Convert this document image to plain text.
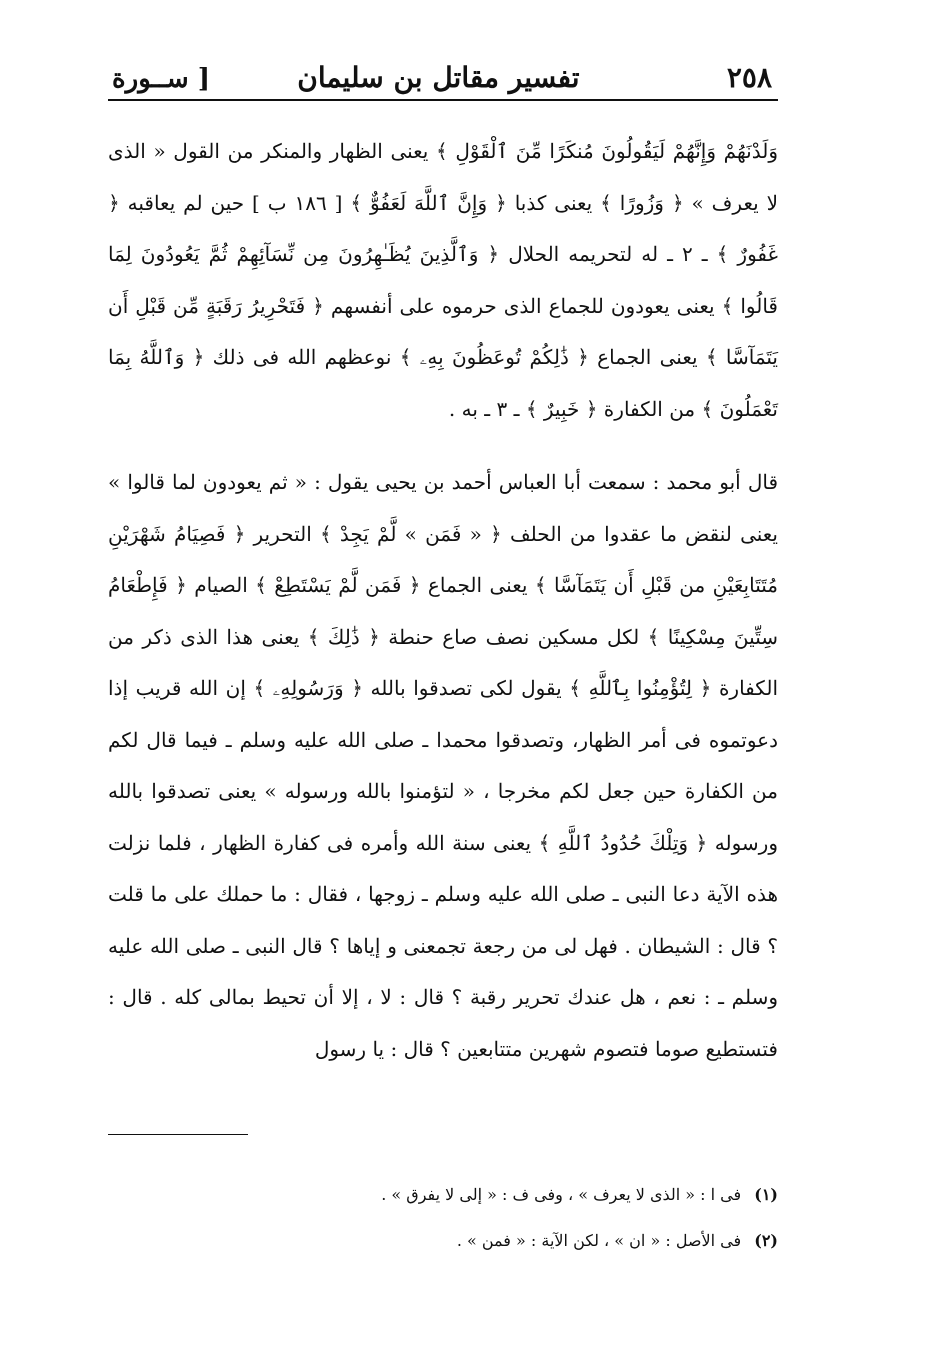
٢٥٨
تفسير مقاتل بن سليمان
[ ســورة

وَلَدْنَهُمْ وَإِنَّهُمْ لَيَقُولُونَ مُنكَرًا مِّنَ ٱلْقَوْلِ ﴾ يعنى الظهار والمنكر من القول « الذى لا يعرف » ﴿ وَزُورًا ﴾ يعنى كذبا ﴿ وَإِنَّ ٱللَّهَ لَعَفُوٌّ ﴾ [ ١٨٦ ب ] حين لم يعاقبه ﴿ غَفُورٌ ﴾ ـ ٢ ـ له لتحريمه الحلال ﴿ وَٱلَّذِينَ يُظَـٰهِرُونَ مِن نِّسَآئِهِمْ ثُمَّ يَعُودُونَ لِمَا قَالُوا ﴾ يعنى يعودون للجماع الذى حرموه على أنفسهم ﴿ فَتَحْرِيرُ رَقَبَةٍ مِّن قَبْلِ أَن يَتَمَآسَّا ﴾ يعنى الجماع ﴿ ذَٰلِكُمْ تُوعَظُونَ بِهِۦ ﴾ نوعظهم الله فى ذلك ﴿ وَٱللَّهُ بِمَا تَعْمَلُونَ ﴾ من الكفارة ﴿ خَبِيرٌ ﴾ ـ ٣ ـ به .

قال أبو محمد : سمعت أبا العباس أحمد بن يحيى يقول : « ثم يعودون لما قالوا » يعنى لنقض ما عقدوا من الحلف ﴿ « فَمَن » لَّمْ يَجِدْ ﴾ التحرير ﴿ فَصِيَامُ شَهْرَيْنِ مُتَتَابِعَيْنِ من قَبْلِ أَن يَتَمَآسَّا ﴾ يعنى الجماع ﴿ فَمَن لَّمْ يَسْتَطِعْ ﴾ الصيام ﴿ فَإِطْعَامُ سِتِّينَ مِسْكِينًا ﴾ لكل مسكين نصف صاع حنطة ﴿ ذَٰلِكَ ﴾ يعنى هذا الذى ذكر من الكفارة ﴿ لِتُؤْمِنُوا بِٱللَّهِ ﴾ يقول لكى تصدقوا بالله ﴿ وَرَسُولِهِۦ ﴾ إن الله قريب إذا دعوتموه فى أمر الظهار، وتصدقوا محمدا ـ صلى الله عليه وسلم ـ فيما قال لكم من الكفارة حين جعل لكم مخرجا ، « لتؤمنوا بالله ورسوله » يعنى تصدقوا بالله ورسوله ﴿ وَتِلْكَ حُدُودُ ٱللَّهِ ﴾ يعنى سنة الله وأمره فى كفارة الظهار ، فلما نزلت هذه الآية دعا النبى ـ صلى الله عليه وسلم ـ زوجها ، فقال : ما حملك على ما قلت ؟ قال : الشيطان . فهل لى من رجعة تجمعنى و إياها ؟ قال النبى ـ صلى الله عليه وسلم ـ : نعم ، هل عندك تحرير رقبة ؟ قال : لا ، إلا أن تحيط بمالى كله . قال : فتستطيع صوما فتصوم شهرين متتابعين ؟ قال : يا رسول

(١) فى ا : « الذى لا يعرف » ، وفى ف : « إلى لا يفرق » .

(٢) فى الأصل : « ان » ، لكن الآية : « فمن » .
